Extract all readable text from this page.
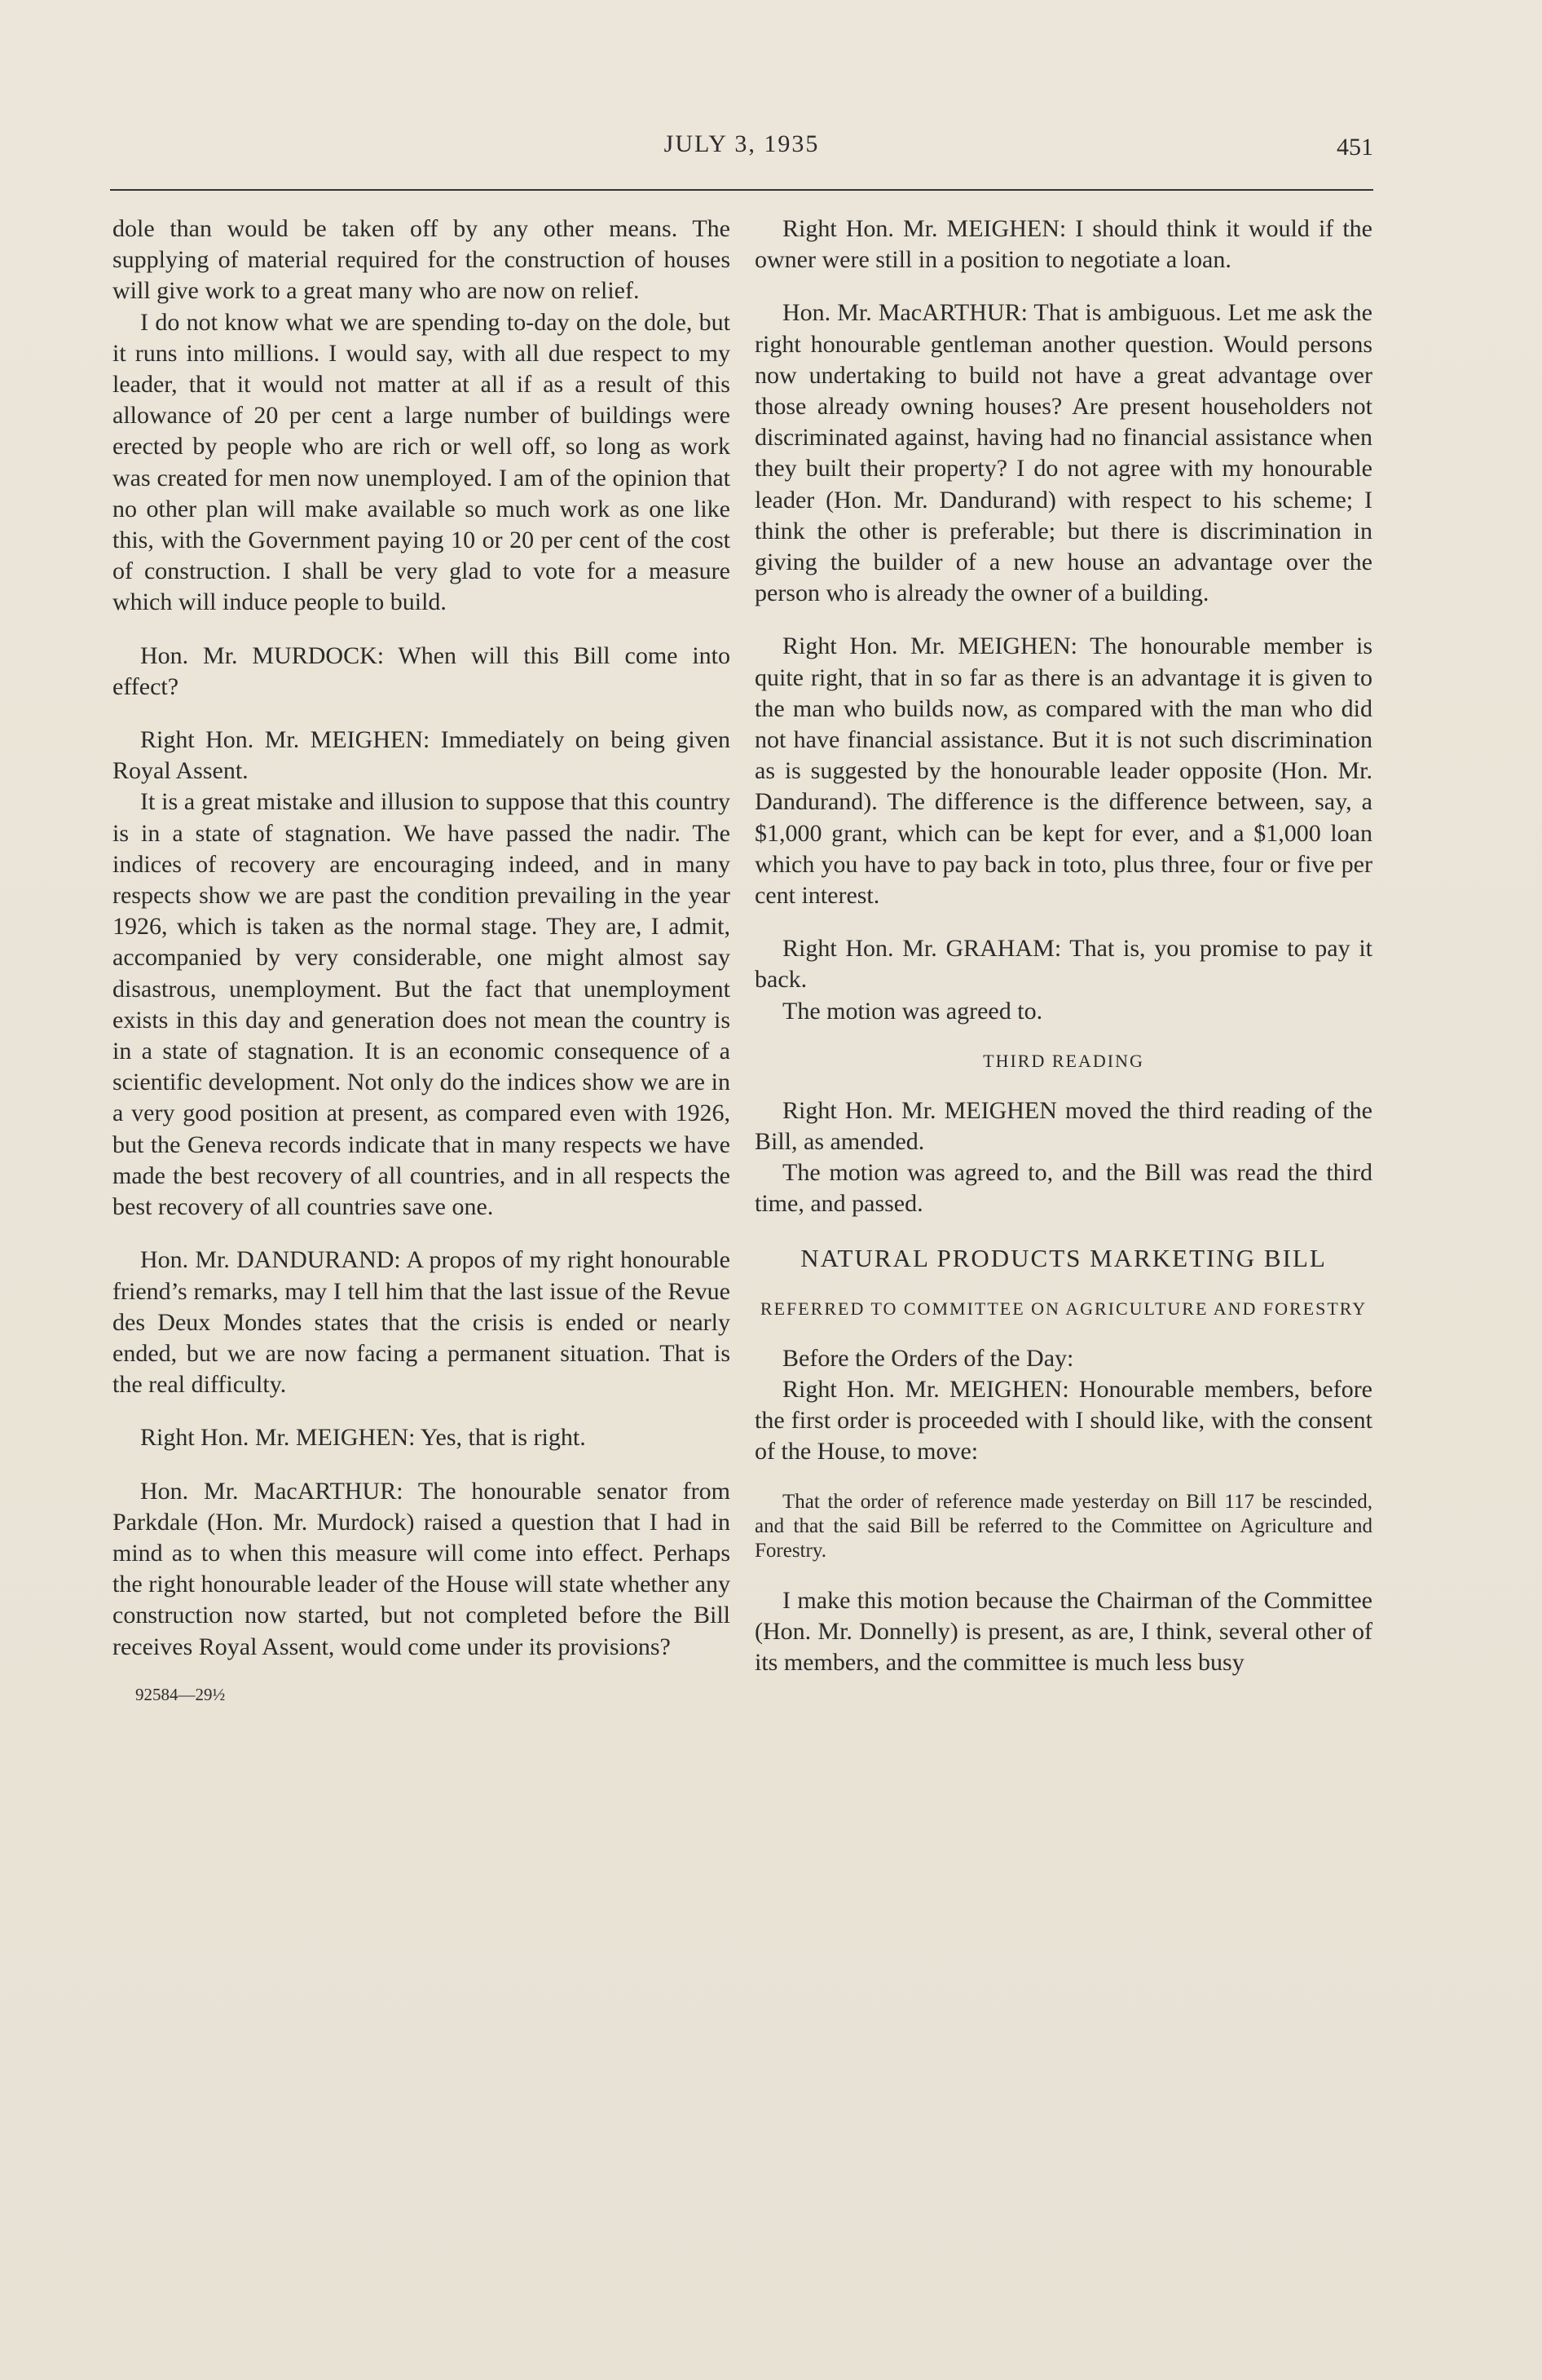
JULY 3, 1935	451

dole than would be taken off by any other means. The supplying of material required for the construction of houses will give work to a great many who are now on relief.

I do not know what we are spending to-day on the dole, but it runs into millions. I would say, with all due respect to my leader, that it would not matter at all if as a result of this allowance of 20 per cent a large number of buildings were erected by people who are rich or well off, so long as work was created for men now unemployed. I am of the opinion that no other plan will make available so much work as one like this, with the Government paying 10 or 20 per cent of the cost of construction. I shall be very glad to vote for a measure which will induce people to build.

Hon. Mr. MURDOCK: When will this Bill come into effect?

Right Hon. Mr. MEIGHEN: Immediately on being given Royal Assent.

It is a great mistake and illusion to suppose that this country is in a state of stagnation. We have passed the nadir. The indices of recovery are encouraging indeed, and in many respects show we are past the condition prevailing in the year 1926, which is taken as the normal stage. They are, I admit, accompanied by very considerable, one might almost say disastrous, unemployment. But the fact that unemployment exists in this day and generation does not mean the country is in a state of stagnation. It is an economic consequence of a scientific development. Not only do the indices show we are in a very good position at present, as compared even with 1926, but the Geneva records indicate that in many respects we have made the best recovery of all countries, and in all respects the best recovery of all countries save one.

Hon. Mr. DANDURAND: A propos of my right honourable friend’s remarks, may I tell him that the last issue of the Revue des Deux Mondes states that the crisis is ended or nearly ended, but we are now facing a permanent situation. That is the real difficulty.

Right Hon. Mr. MEIGHEN: Yes, that is right.

Hon. Mr. MacARTHUR: The honourable senator from Parkdale (Hon. Mr. Murdock) raised a question that I had in mind as to when this measure will come into effect. Perhaps the right honourable leader of the House will state whether any construction now started, but not completed before the Bill receives Royal Assent, would come under its provisions?

92584—29½

Right Hon. Mr. MEIGHEN: I should think it would if the owner were still in a position to negotiate a loan.

Hon. Mr. MacARTHUR: That is ambiguous. Let me ask the right honourable gentleman another question. Would persons now undertaking to build not have a great advantage over those already owning houses? Are present householders not discriminated against, having had no financial assistance when they built their property? I do not agree with my honourable leader (Hon. Mr. Dandurand) with respect to his scheme; I think the other is preferable; but there is discrimination in giving the builder of a new house an advantage over the person who is already the owner of a building.

Right Hon. Mr. MEIGHEN: The honourable member is quite right, that in so far as there is an advantage it is given to the man who builds now, as compared with the man who did not have financial assistance. But it is not such discrimination as is suggested by the honourable leader opposite (Hon. Mr. Dandurand). The difference is the difference between, say, a $1,000 grant, which can be kept for ever, and a $1,000 loan which you have to pay back in toto, plus three, four or five per cent interest.

Right Hon. Mr. GRAHAM: That is, you promise to pay it back.

The motion was agreed to.

THIRD READING

Right Hon. Mr. MEIGHEN moved the third reading of the Bill, as amended.

The motion was agreed to, and the Bill was read the third time, and passed.

NATURAL PRODUCTS MARKETING BILL

REFERRED TO COMMITTEE ON AGRICULTURE AND FORESTRY

Before the Orders of the Day:

Right Hon. Mr. MEIGHEN: Honourable members, before the first order is proceeded with I should like, with the consent of the House, to move:

That the order of reference made yesterday on Bill 117 be rescinded, and that the said Bill be referred to the Committee on Agriculture and Forestry.

I make this motion because the Chairman of the Committee (Hon. Mr. Donnelly) is present, as are, I think, several other of its members, and the committee is much less busy
